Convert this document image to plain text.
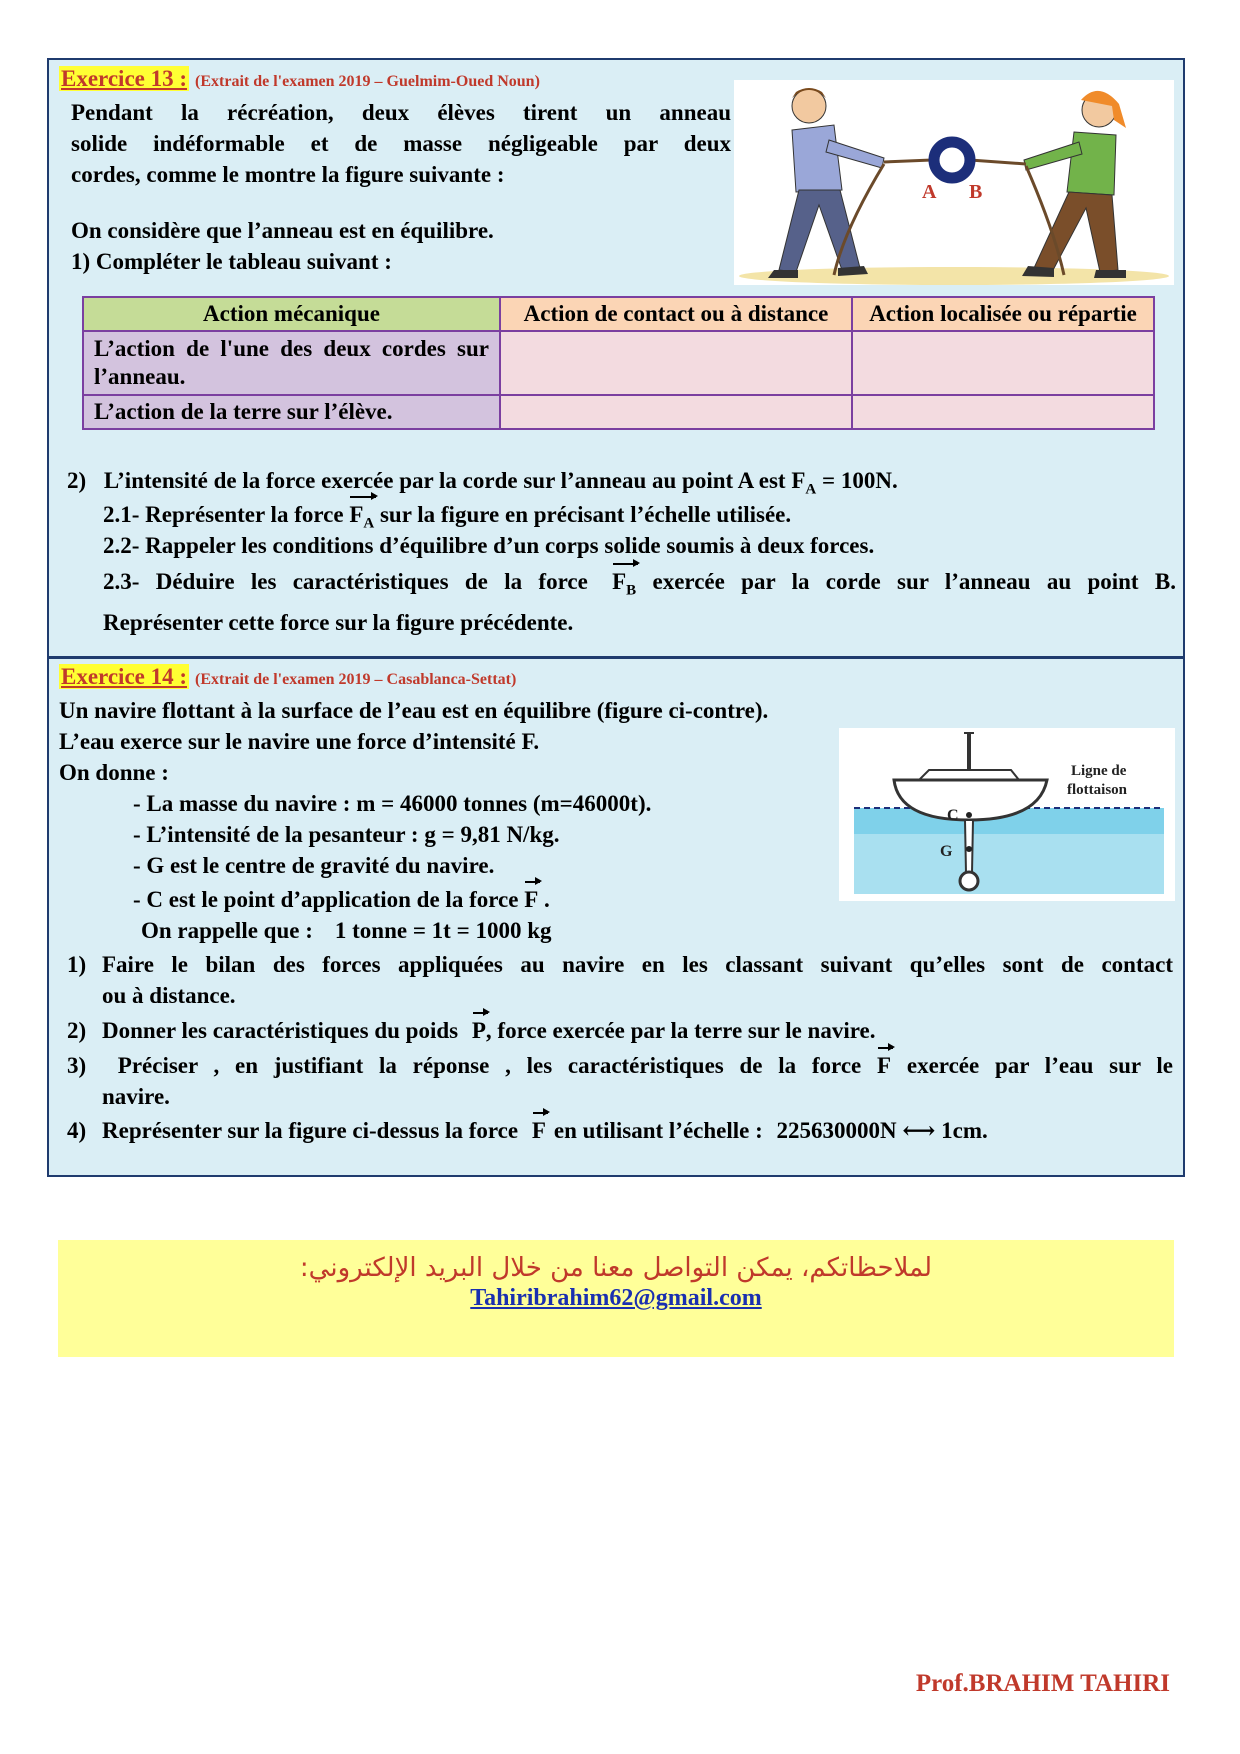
Exercice 13 : (Extrait de l'examen 2019 – Guelmim-Oued Noun)
Pendant la récréation, deux élèves tirent un anneau
solide indéformable et de masse négligeable par deux
cordes, comme le montre la figure suivante :
On considère que l’anneau est en équilibre.
1) Compléter le tableau suivant :
A B
Action mécanique	Action de contact ou à distance	Action localisée ou répartie
L’action de l'une des deux cordes sur l’anneau.		
L’action de la terre sur l’élève.		
2) L’intensité de la force exercée par la corde sur l’anneau au point A est $F_A = 100N$.
2.1- Représenter la force $F_A$ sur la figure en précisant l’échelle utilisée.
2.2- Rappeler les conditions d’équilibre d’un corps solide soumis à deux forces.
2.3- Déduire les caractéristiques de la force $F_B$ exercée par la corde sur l’anneau au point B.
Représenter cette force sur la figure précédente.
Exercice 14 : (Extrait de l'examen 2019 – Casablanca-Settat)
Un navire flottant à la surface de l’eau est en équilibre (figure ci-contre).
L’eau exerce sur le navire une force d’intensité F.
On donne :
- La masse du navire : m = 46000 tonnes (m=46000t).
- L’intensité de la pesanteur : g = 9,81 N/kg.
- G est le centre de gravité du navire.
- C est le point d’application de la force F .
On rappelle que : 1 tonne = 1t = 1000 kg
C
G
Ligne de
flottaison
1) Faire le bilan des forces appliquées au navire en les classant suivant qu’elles sont de contact
ou à distance.
2) Donner les caractéristiques du poids P, force exercée par la terre sur le navire.
3) Préciser , en justifiant la réponse , les caractéristiques de la force F exercée par l’eau sur le
navire.
4) Représenter sur la figure ci-dessus la force F en utilisant l’échelle : 225630000N ⟷ 1cm.
لملاحظاتكم، يمكن التواصل معنا من خلال البريد الإلكتروني:
Tahiribrahim62@gmail.com
Prof.BRAHIM TAHIRI
